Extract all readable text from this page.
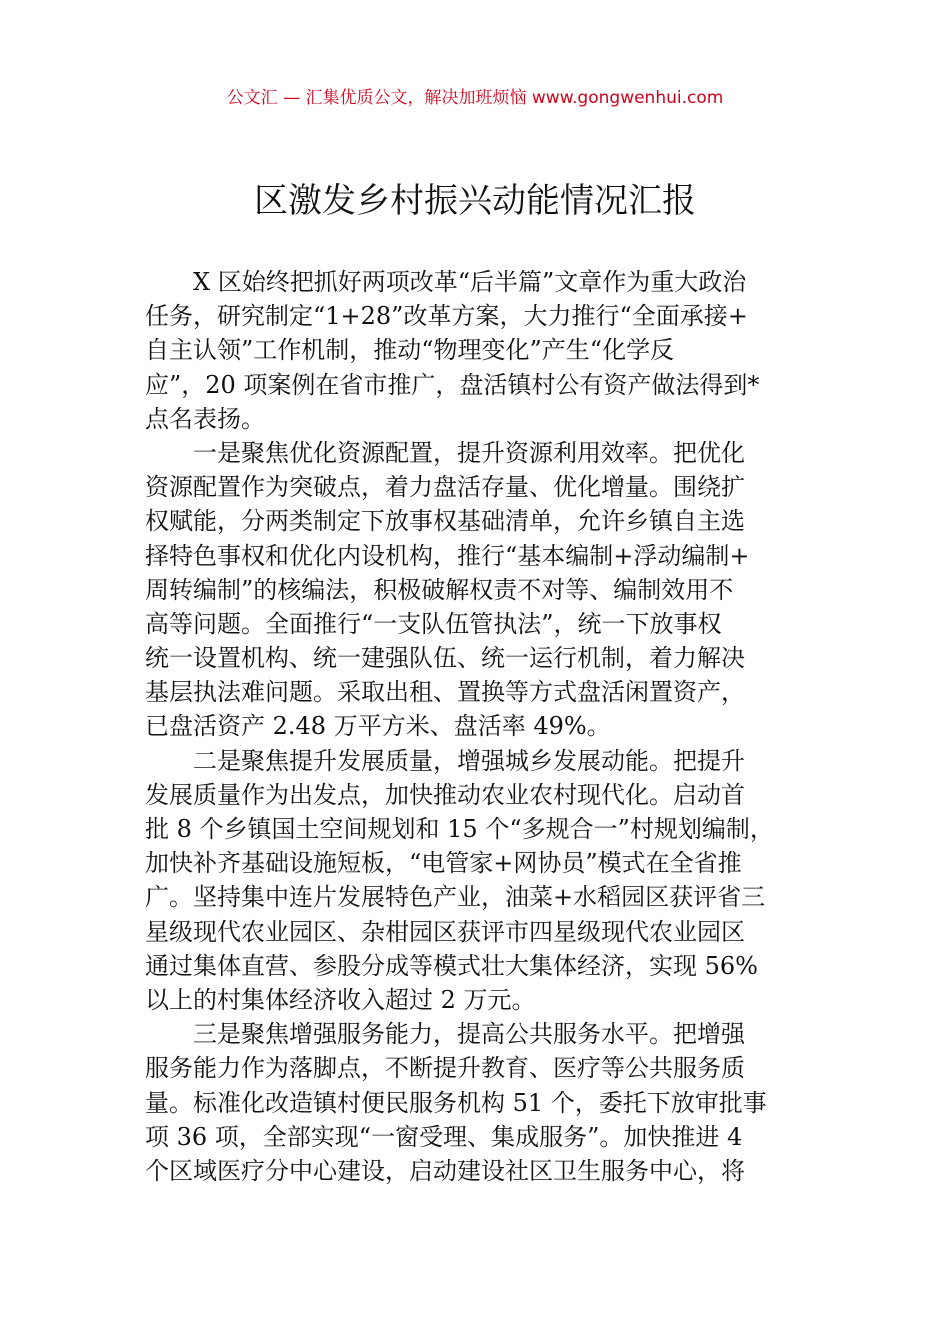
公文汇 — 汇集优质公文，解决加班烦恼 www.gongwenhui.com
区激发乡村振兴动能情况汇报
X 区始终把抓好两项改革“后半篇”文章作为重大政治
任务，研究制定“1+28”改革方案，大力推行“全面承接+
自主认领”工作机制，推动“物理变化”产生“化学反
应”，20 项案例在省市推广，盘活镇村公有资产做法得到*
点名表扬。
一是聚焦优化资源配置，提升资源利用效率。把优化
资源配置作为突破点，着力盘活存量、优化增量。围绕扩
权赋能，分两类制定下放事权基础清单，允许乡镇自主选
择特色事权和优化内设机构，推行“基本编制+浮动编制+
周转编制”的核编法，积极破解权责不对等、编制效用不
高等问题。全面推行“一支队伍管执法”，统一下放事权
统一设置机构、统一建强队伍、统一运行机制，着力解决
基层执法难问题。采取出租、置换等方式盘活闲置资产，
已盘活资产 2.48 万平方米、盘活率 49%。
二是聚焦提升发展质量，增强城乡发展动能。把提升
发展质量作为出发点，加快推动农业农村现代化。启动首
批 8 个乡镇国土空间规划和 15 个“多规合一”村规划编制，
加快补齐基础设施短板，“电管家+网协员”模式在全省推
广。坚持集中连片发展特色产业，油菜+水稻园区获评省三
星级现代农业园区、杂柑园区获评市四星级现代农业园区
通过集体直营、参股分成等模式壮大集体经济，实现 56%
以上的村集体经济收入超过 2 万元。
三是聚焦增强服务能力，提高公共服务水平。把增强
服务能力作为落脚点，不断提升教育、医疗等公共服务质
量。标准化改造镇村便民服务机构 51 个，委托下放审批事
项 36 项，全部实现“一窗受理、集成服务”。加快推进 4
个区域医疗分中心建设，启动建设社区卫生服务中心，将
